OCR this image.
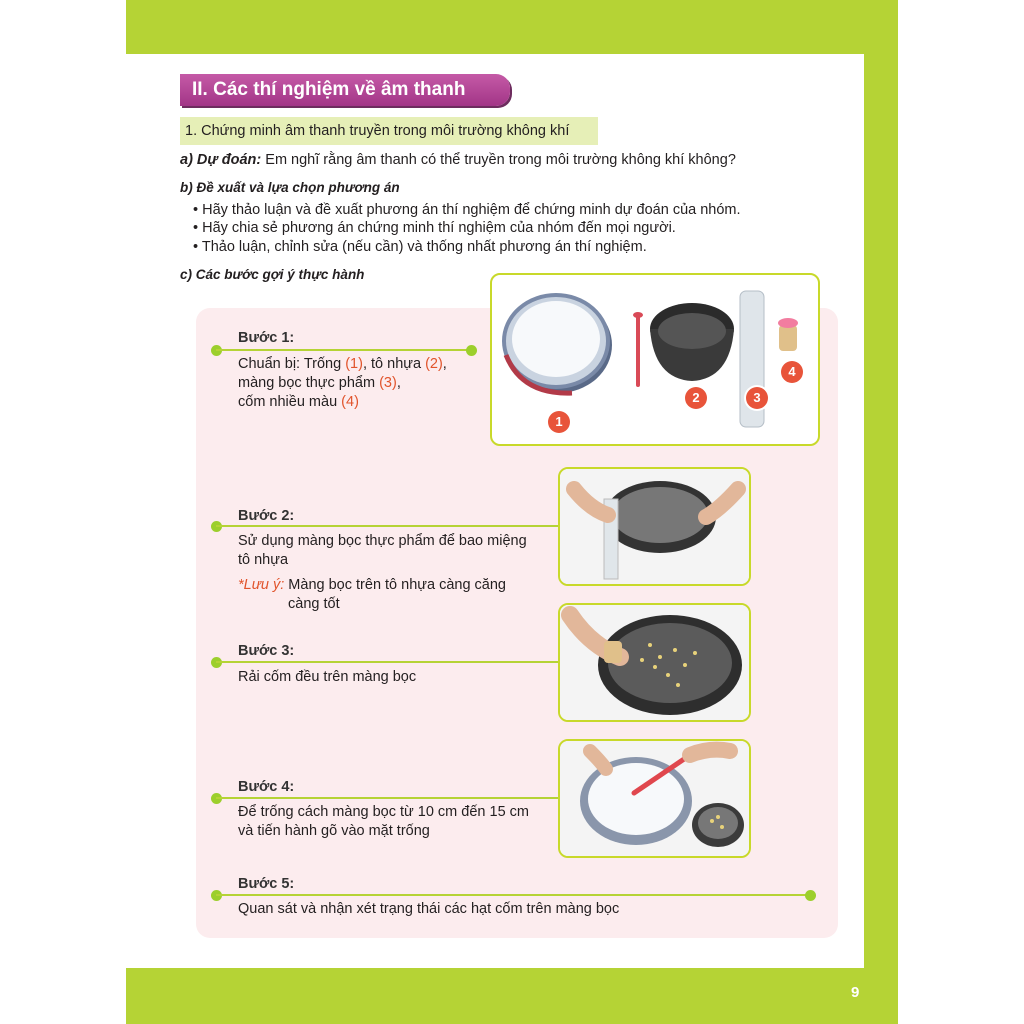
9
II. Các thí nghiệm về âm thanh
1. Chứng minh âm thanh truyền trong môi trường không khí
a) Dự đoán: Em nghĩ rằng âm thanh có thể truyền trong môi trường không khí không?
b) Đề xuất và lựa chọn phương án
• Hãy thảo luận và đề xuất phương án thí nghiệm để chứng minh dự đoán của nhóm.
• Hãy chia sẻ phương án chứng minh thí nghiệm của nhóm đến mọi người.
• Thảo luận, chỉnh sửa (nếu cần) và thống nhất phương án thí nghiệm.
c) Các bước gợi ý thực hành
Bước 1:
Chuẩn bị: Trống (1), tô nhựa (2),
màng bọc thực phẩm (3),
cốm nhiều màu (4)
1
2	3
4
Bước 2:
Sử dụng màng bọc thực phẩm để bao miệng
tô nhựa
*Lưu ý: Màng bọc trên tô nhựa càng căng
càng tốt
Bước 3:
Rải cốm đều trên màng bọc
Bước 4:
Để trống cách màng bọc từ 10 cm đến 15 cm
và tiến hành gõ vào mặt trống
Bước 5:
Quan sát và nhận xét trạng thái các hạt cốm trên màng bọc
